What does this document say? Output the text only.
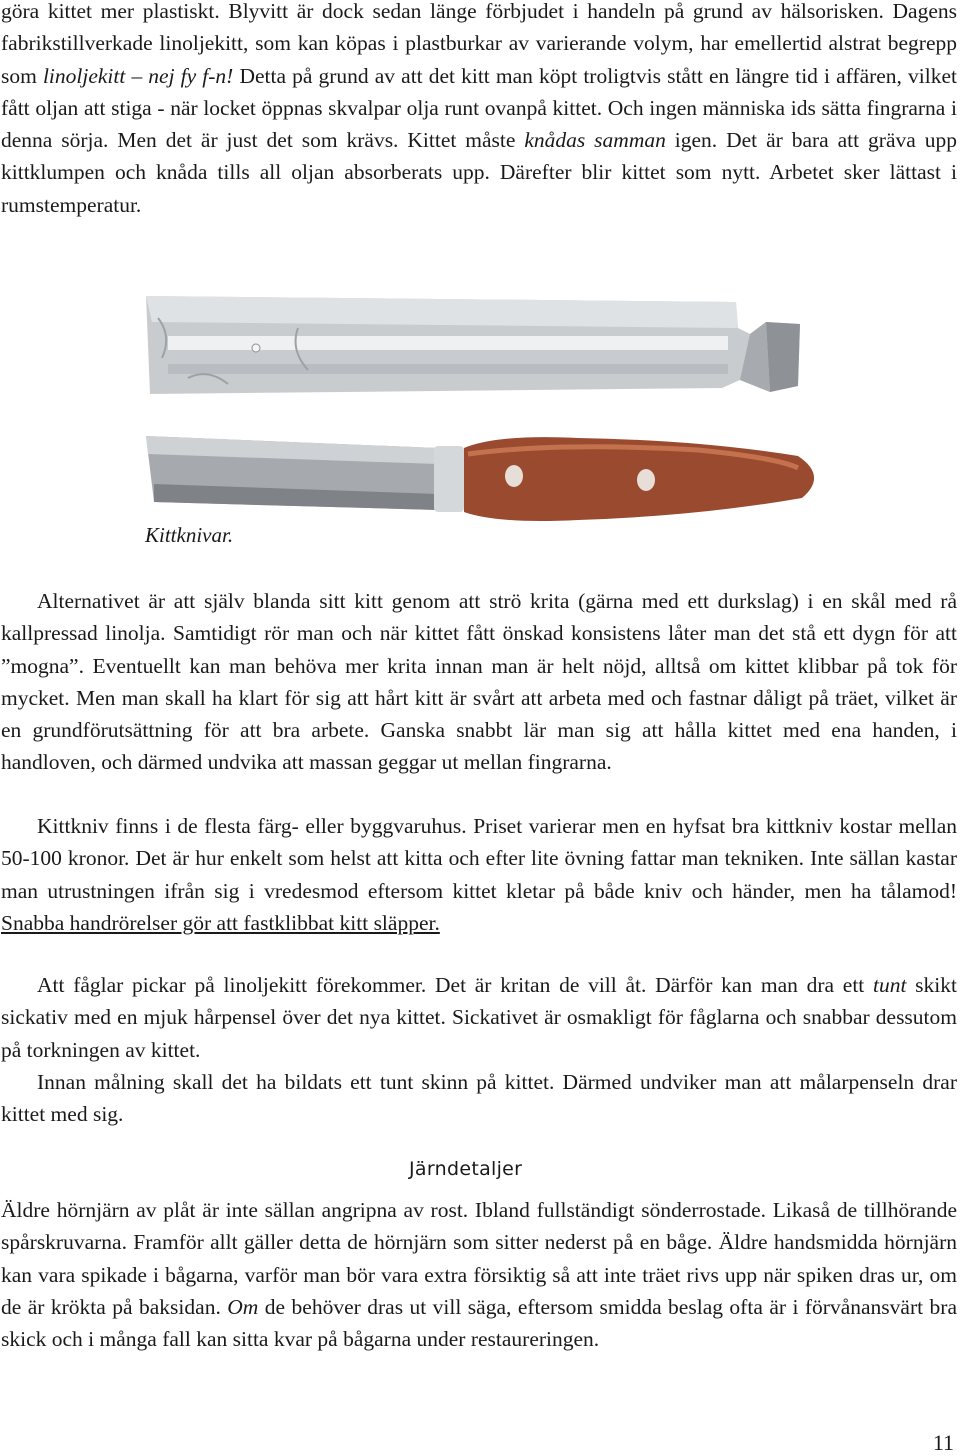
göra kittet mer plastiskt. Blyvitt är dock sedan länge förbjudet i handeln på grund av hälsorisken. Dagens fabrikstillverkade linoljekitt, som kan köpas i plastburkar av varierande volym, har emellertid alstrat begrepp som linoljekitt – nej fy f-n! Detta på grund av att det kitt man köpt troligtvis stått en längre tid i affären, vilket fått oljan att stiga - när locket öppnas skvalpar olja runt ovanpå kittet. Och ingen människa ids sätta fingrarna i denna sörja. Men det är just det som krävs. Kittet måste knådas samman igen. Det är bara att gräva upp kittklumpen och knåda tills all oljan absorberats upp. Därefter blir kittet som nytt. Arbetet sker lättast i rumstemperatur.

Kittknivar.

Alternativet är att själv blanda sitt kitt genom att strö krita (gärna med ett durkslag) i en skål med rå kallpressad linolja. Samtidigt rör man och när kittet fått önskad konsistens låter man det stå ett dygn för att ”mogna”. Eventuellt kan man behöva mer krita innan man är helt nöjd, alltså om kittet klibbar på tok för mycket. Men man skall ha klart för sig att hårt kitt är svårt att arbeta med och fastnar dåligt på träet, vilket är en grundförutsättning för att bra arbete. Ganska snabbt lär man sig att hålla kittet med ena handen, i handloven, och därmed undvika att massan geggar ut mellan fingrarna.

Kittkniv finns i de flesta färg- eller byggvaruhus. Priset varierar men en hyfsat bra kittkniv kostar mellan 50-100 kronor. Det är hur enkelt som helst att kitta och efter lite övning fattar man tekniken. Inte sällan kastar man utrustningen ifrån sig i vredesmod eftersom kittet kletar på både kniv och händer, men ha tålamod! Snabba handrörelser gör att fastklibbat kitt släpper.

Att fåglar pickar på linoljekitt förekommer. Det är kritan de vill åt. Därför kan man dra ett tunt skikt sickativ med en mjuk hårpensel över det nya kittet. Sickativet är osmakligt för fåglarna och snabbar dessutom på torkningen av kittet.

Innan målning skall det ha bildats ett tunt skinn på kittet. Därmed undviker man att målarpenseln drar kittet med sig.

Järndetaljer

Äldre hörnjärn av plåt är inte sällan angripna av rost. Ibland fullständigt sönderrostade. Likaså de tillhörande spårskruvarna. Framför allt gäller detta de hörnjärn som sitter nederst på en båge. Äldre handsmidda hörnjärn kan vara spikade i bågarna, varför man bör vara extra försiktig så att inte träet rivs upp när spiken dras ur, om de är krökta på baksidan. Om de behöver dras ut vill säga, eftersom smidda beslag ofta är i förvånansvärt bra skick och i många fall kan sitta kvar på bågarna under restaureringen.

11
